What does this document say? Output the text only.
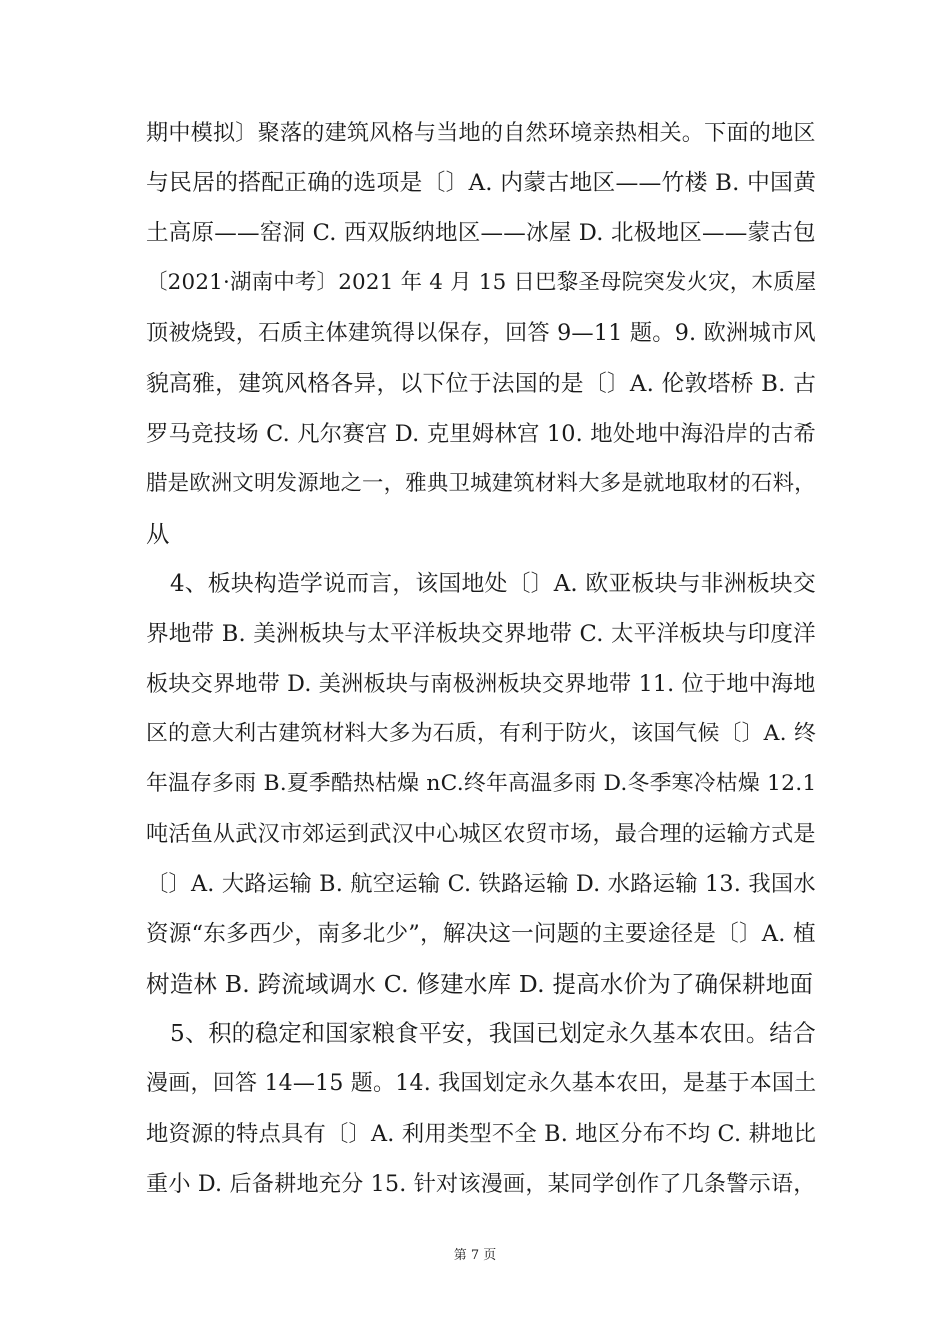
期中模拟〕聚落的建筑风格与当地的自然环境亲热相关。下面的地区
与民居的搭配正确的选项是〔〕A. 内蒙古地区——竹楼 B. 中国黄
土高原——窑洞 C. 西双版纳地区——冰屋 D. 北极地区——蒙古包
〔2021·湖南中考〕2021 年 4 月 15 日巴黎圣母院突发火灾，木质屋
顶被烧毁，石质主体建筑得以保存，回答 9—11 题。9. 欧洲城市风
貌高雅，建筑风格各异，以下位于法国的是〔〕A. 伦敦塔桥 B. 古
罗马竞技场 C. 凡尔赛宫 D. 克里姆林宫 10. 地处地中海沿岸的古希
腊是欧洲文明发源地之一，雅典卫城建筑材料大多是就地取材的石料，
从
4、板块构造学说而言，该国地处〔〕A. 欧亚板块与非洲板块交
界地带 B. 美洲板块与太平洋板块交界地带 C. 太平洋板块与印度洋
板块交界地带 D. 美洲板块与南极洲板块交界地带 11. 位于地中海地
区的意大利古建筑材料大多为石质，有利于防火，该国气候〔〕A. 终
年温存多雨 B.夏季酷热枯燥 nC.终年高温多雨 D.冬季寒冷枯燥 12.1
吨活鱼从武汉市郊运到武汉中心城区农贸市场，最合理的运输方式是
〔〕A. 大路运输 B. 航空运输 C. 铁路运输 D. 水路运输 13. 我国水
资源“东多西少，南多北少”，解决这一问题的主要途径是〔〕A. 植
树造林 B. 跨流域调水 C. 修建水库 D. 提高水价为了确保耕地面
5、积的稳定和国家粮食平安，我国已划定永久基本农田。结合
漫画，回答 14—15 题。14. 我国划定永久基本农田，是基于本国土
地资源的特点具有〔〕A. 利用类型不全 B. 地区分布不均 C. 耕地比
重小 D. 后备耕地充分 15. 针对该漫画，某同学创作了几条警示语，
第 7 页
